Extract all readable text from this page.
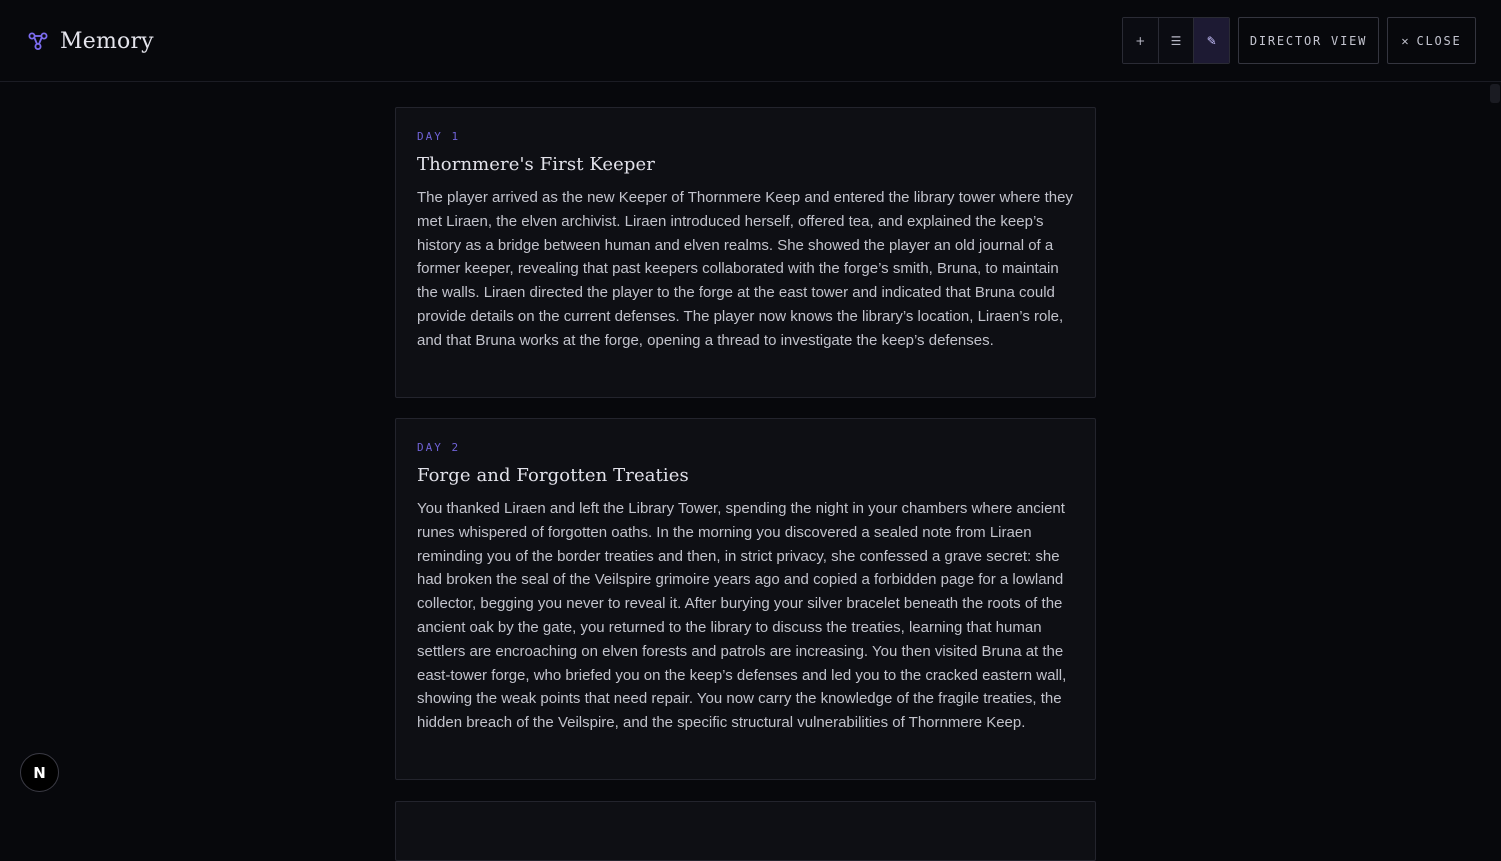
Memory	+	☰	✎	DIRECTOR VIEW	✕ CLOSE
DAY 1
Thornmere's First Keeper
The player arrived as the new Keeper of Thornmere Keep and entered the library tower where they met Liraen, the elven archivist. Liraen introduced herself, offered tea, and explained the keep’s history as a bridge between human and elven realms. She showed the player an old journal of a former keeper, revealing that past keepers collaborated with the forge’s smith, Bruna, to maintain the walls. Liraen directed the player to the forge at the east tower and indicated that Bruna could provide details on the current defenses. The player now knows the library’s location, Liraen’s role, and that Bruna works at the forge, opening a thread to investigate the keep’s defenses.
DAY 2
Forge and Forgotten Treaties
You thanked Liraen and left the Library Tower, spending the night in your chambers where ancient runes whispered of forgotten oaths. In the morning you discovered a sealed note from Liraen reminding you of the border treaties and then, in strict privacy, she confessed a grave secret: she had broken the seal of the Veilspire grimoire years ago and copied a forbidden page for a lowland collector, begging you never to reveal it. After burying your silver bracelet beneath the roots of the ancient oak by the gate, you returned to the library to discuss the treaties, learning that human settlers are encroaching on elven forests and patrols are increasing. You then visited Bruna at the east-tower forge, who briefed you on the keep’s defenses and led you to the cracked eastern wall, showing the weak points that need repair. You now carry the knowledge of the fragile treaties, the hidden breach of the Veilspire, and the specific structural vulnerabilities of Thornmere Keep.
N
